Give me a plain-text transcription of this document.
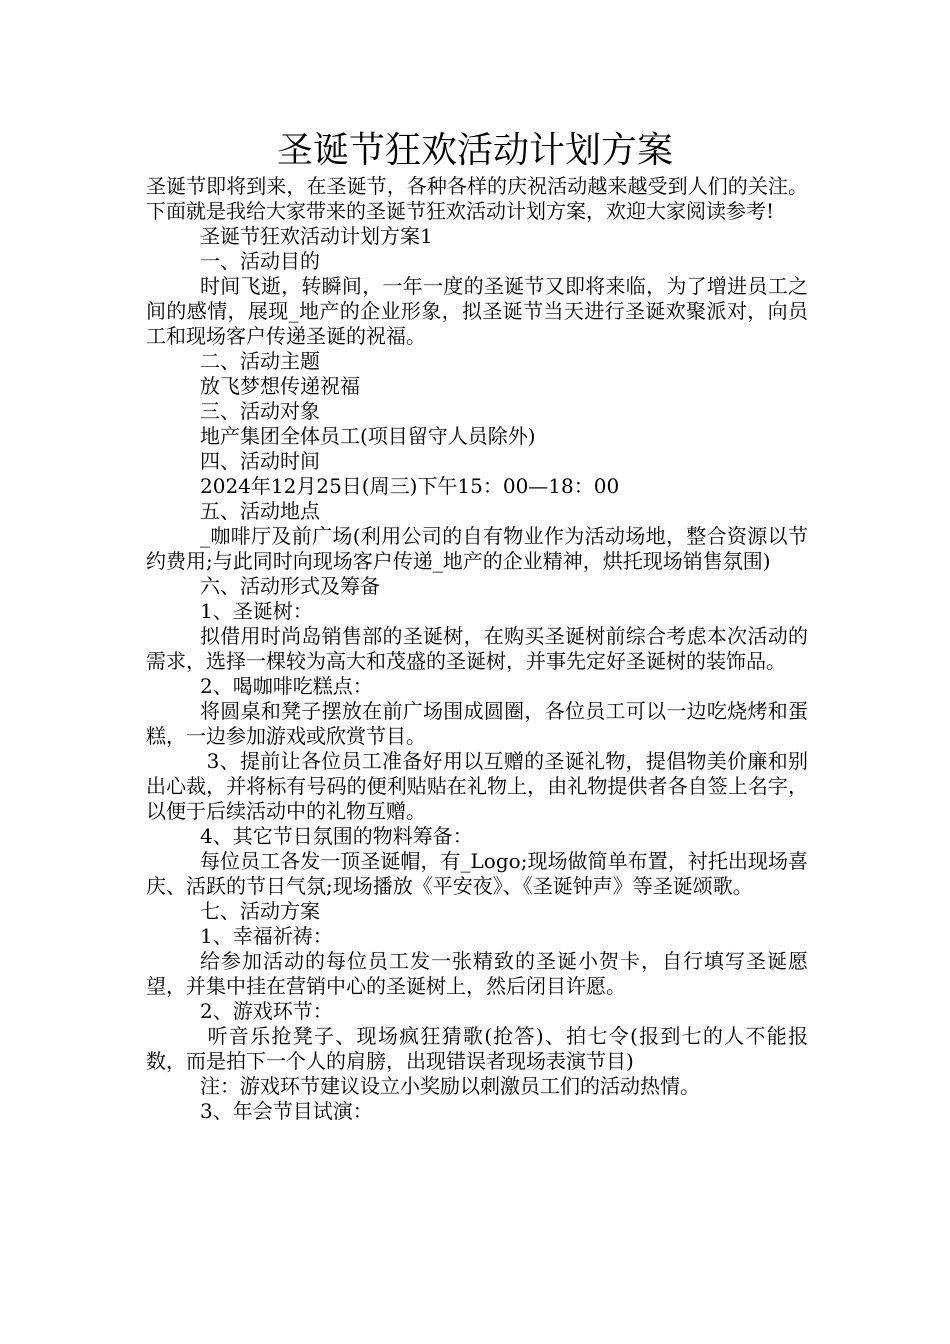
圣诞节狂欢活动计划方案

圣诞节即将到来，在圣诞节，各种各样的庆祝活动越来越受到人们的关注。下面就是我给大家带来的圣诞节狂欢活动计划方案，欢迎大家阅读参考!

圣诞节狂欢活动计划方案1

一、活动目的

时间飞逝，转瞬间，一年一度的圣诞节又即将来临，为了增进员工之间的感情，展现_地产的企业形象，拟圣诞节当天进行圣诞欢聚派对，向员工和现场客户传递圣诞的祝福。

二、活动主题

放飞梦想传递祝福

三、活动对象

地产集团全体员工(项目留守人员除外)

四、活动时间

2024年12月25日(周三)下午15：00—18：00

五、活动地点

_咖啡厅及前广场(利用公司的自有物业作为活动场地，整合资源以节约费用;与此同时向现场客户传递_地产的企业精神，烘托现场销售氛围)

六、活动形式及筹备

1、圣诞树：

拟借用时尚岛销售部的圣诞树，在购买圣诞树前综合考虑本次活动的需求，选择一棵较为高大和茂盛的圣诞树，并事先定好圣诞树的装饰品。

2、喝咖啡吃糕点：

将圆桌和凳子摆放在前广场围成圆圈，各位员工可以一边吃烧烤和蛋糕，一边参加游戏或欣赏节目。

3、提前让各位员工准备好用以互赠的圣诞礼物，提倡物美价廉和别出心裁，并将标有号码的便利贴贴在礼物上，由礼物提供者各自签上名字，以便于后续活动中的礼物互赠。

4、其它节日氛围的物料筹备：

每位员工各发一顶圣诞帽，有_Logo;现场做简单布置，衬托出现场喜庆、活跃的节日气氛;现场播放《平安夜》、《圣诞钟声》等圣诞颂歌。

七、活动方案

1、幸福祈祷：

给参加活动的每位员工发一张精致的圣诞小贺卡，自行填写圣诞愿望，并集中挂在营销中心的圣诞树上，然后闭目许愿。

2、游戏环节：

听音乐抢凳子、现场疯狂猜歌(抢答)、拍七令(报到七的人不能报数，而是拍下一个人的肩膀，出现错误者现场表演节目)

注：游戏环节建议设立小奖励以刺激员工们的活动热情。

3、年会节目试演：
